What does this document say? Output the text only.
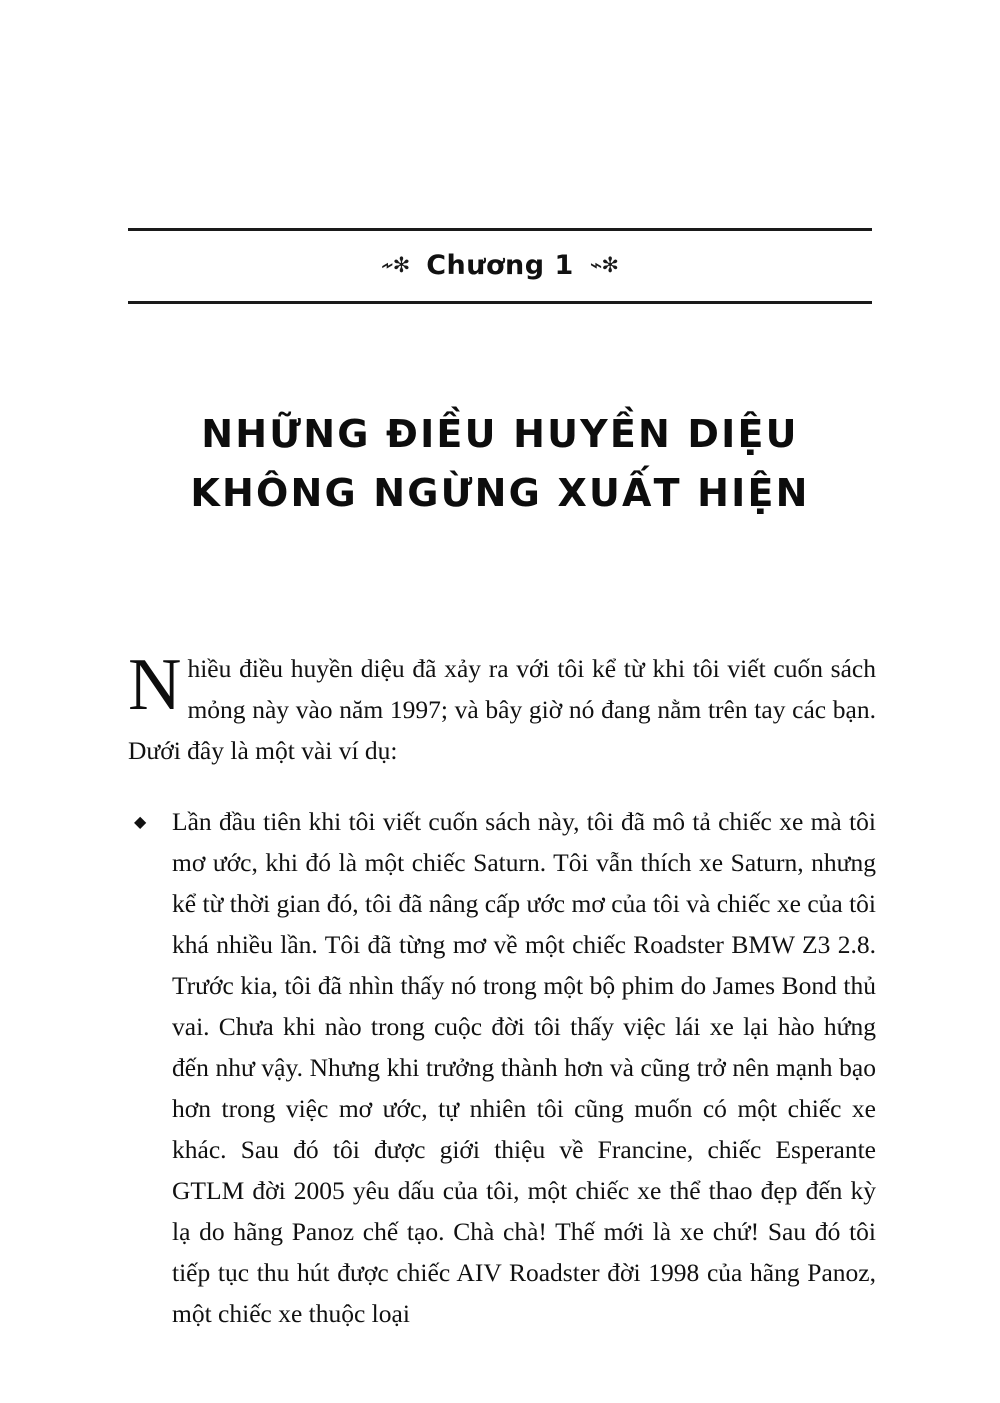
✻⌁ Chương 1 ⌁✻
NHỮNG ĐIỀU HUYỀN DIỆU
KHÔNG NGỪNG XUẤT HIỆN

Nhiều điều huyền diệu đã xảy ra với tôi kể từ khi tôi viết cuốn sách mỏng này vào năm 1997; và bây giờ nó đang nằm trên tay các bạn. Dưới đây là một vài ví dụ:

◆ Lần đầu tiên khi tôi viết cuốn sách này, tôi đã mô tả chiếc xe mà tôi mơ ước, khi đó là một chiếc Saturn. Tôi vẫn thích xe Saturn, nhưng kể từ thời gian đó, tôi đã nâng cấp ước mơ của tôi và chiếc xe của tôi khá nhiều lần. Tôi đã từng mơ về một chiếc Roadster BMW Z3 2.8. Trước kia, tôi đã nhìn thấy nó trong một bộ phim do James Bond thủ vai. Chưa khi nào trong cuộc đời tôi thấy việc lái xe lại hào hứng đến như vậy. Nhưng khi trưởng thành hơn và cũng trở nên mạnh bạo hơn trong việc mơ ước, tự nhiên tôi cũng muốn có một chiếc xe khác. Sau đó tôi được giới thiệu về Francine, chiếc Esperante GTLM đời 2005 yêu dấu của tôi, một chiếc xe thể thao đẹp đến kỳ lạ do hãng Panoz chế tạo. Chà chà! Thế mới là xe chứ! Sau đó tôi tiếp tục thu hút được chiếc AIV Roadster đời 1998 của hãng Panoz, một chiếc xe thuộc loại
